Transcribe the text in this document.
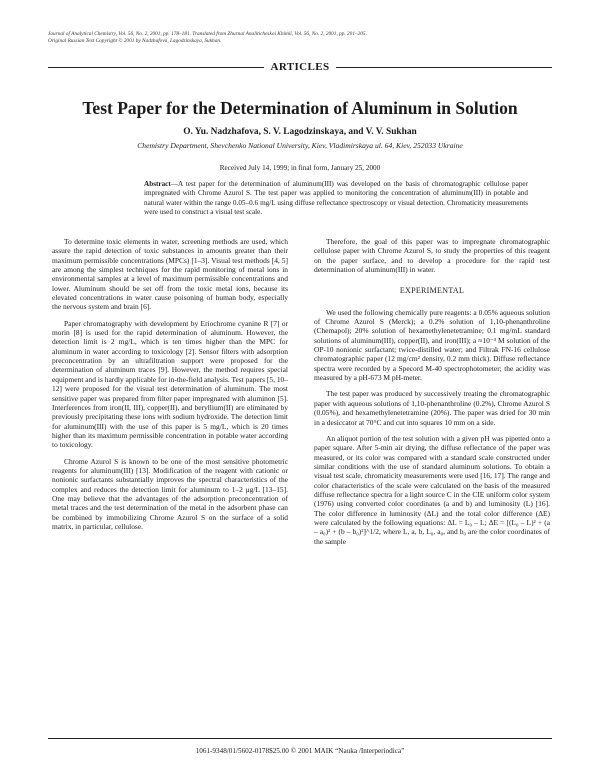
Journal of Analytical Chemistry, Vol. 56, No. 2, 2001, pp. 178–181. Translated from Zhurnal Analiticheskoi Khimii, Vol. 56, No. 2, 2001, pp. 201–205.
Original Russian Text Copyright © 2001 by Nadzhafova, Lagodzinskaya, Sukhan.
ARTICLES
Test Paper for the Determination of Aluminum in Solution
O. Yu. Nadzhafova, S. V. Lagodzinskaya, and V. V. Sukhan
Chemistry Department, Shevchenko National University, Kiev, Vladimirskaya ul. 64, Kiev, 252033 Ukraine
Received July 14, 1999; in final form, January 25, 2000
Abstract—A test paper for the determination of aluminum(III) was developed on the basis of chromatographic cellulose paper impregnated with Chrome Azurol S. The test paper was applied to monitoring the concentration of aluminum(III) in potable and natural water within the range 0.05–0.6 mg/L using diffuse reflectance spectroscopy or visual detection. Chromaticity measurements were used to construct a visual test scale.

To determine toxic elements in water, screening methods are used, which assure the rapid detection of toxic substances in amounts greater than their maximum permissible concentrations (MPCs) [1–3]. Visual test methods [4, 5] are among the simplest techniques for the rapid monitoring of metal ions in environmental samples at a level of maximum permissible concentrations and lower. Aluminum should be set off from the toxic metal ions, because its elevated concentrations in water cause poisoning of human body, especially the nervous system and brain [6].

Paper chromatography with development by Eriochrome cyanine R [7] or morin [8] is used for the rapid determination of aluminum. However, the detection limit is 2 mg/L, which is ten times higher than the MPC for aluminum in water according to toxicology [2]. Sensor filters with adsorption preconcentration by an ultrafiltration support were proposed for the determination of aluminum traces [9]. However, the method requires special equipment and is hardly applicable for in-the-field analysis. Test papers [5, 10–12] were proposed for the visual test determination of aluminum. The most sensitive paper was prepared from filter paper impregnated with aluminon [5]. Interferences from iron(II, III), copper(II), and beryllium(II) are eliminated by previously precipitating these ions with sodium hydroxide. The detection limit for aluminum(III) with the use of this paper is 5 mg/L, which is 20 times higher than its maximum permissible concentration in potable water according to toxicology.

Chrome Azurol S is known to be one of the most sensitive photometric reagents for aluminum(III) [13]. Modification of the reagent with cationic or nonionic surfactants substantially improves the spectral characteristics of the complex and reduces the detection limit for aluminum to 1–2 μg/L [13–15]. One may believe that the advantages of the adsorption preconcentration of metal traces and the test determination of the metal in the adsorbent phase can be combined by immobilizing Chrome Azurol S on the surface of a solid matrix, in particular, cellulose.

Therefore, the goal of this paper was to impregnate chromatographic cellulose paper with Chrome Azurol S, to study the properties of this reagent on the paper surface, and to develop a procedure for the rapid test determination of aluminum(III) in water.

EXPERIMENTAL

We used the following chemically pure reagents: a 0.05% aqueous solution of Chrome Azurol S (Merck); a 0.2% solution of 1,10-phenanthroline (Chemapol); 20% solution of hexamethylenetetramine; 0.1 mg/mL standard solutions of aluminum(III), copper(II), and iron(III); a ≈10⁻³ M solution of the OP-10 nonionic surfactant; twice-distilled water; and Filtrak FN-16 cellulose chromatographic paper (12 mg/cm² density, 0.2 mm thick). Diffuse reflectance spectra were recorded by a Specord M-40 spectrophotometer; the acidity was measured by a pH-673 M pH-meter.

The test paper was produced by successively treating the chromatographic paper with aqueous solutions of 1,10-phenanthroline (0.2%), Chrome Azurol S (0.05%), and hexamethylenetetramine (20%). The paper was dried for 30 min in a desiccator at 70°C and cut into squares 10 mm on a side.

An aliquot portion of the test solution with a given pH was pipetted onto a paper square. After 5-min air drying, the diffuse reflectance of the paper was measured, or its color was compared with a standard scale constructed under similar conditions with the use of standard aluminum solutions. To obtain a visual test scale, chromaticity measurements were used [16, 17]. The range and color characteristics of the scale were calculated on the basis of the measured diffuse reflectance spectra for a light source C in the CIE uniform color system (1976) using converted color coordinates (a and b) and luminosity (L) [16]. The color difference in luminosity (ΔL) and the total color difference (ΔE) were calculated by the following equations: ΔL = L₀ – L; ΔE = [(L₀ – L)² + (a – a₀)² + (b – b₀)²]^1/2, where L, a, b, L₀, a₀, and b₀ are the color coordinates of the sample

1061-9348/01/5602-0178$25.00 © 2001 MAIK “Nauka /Interperiodica”
